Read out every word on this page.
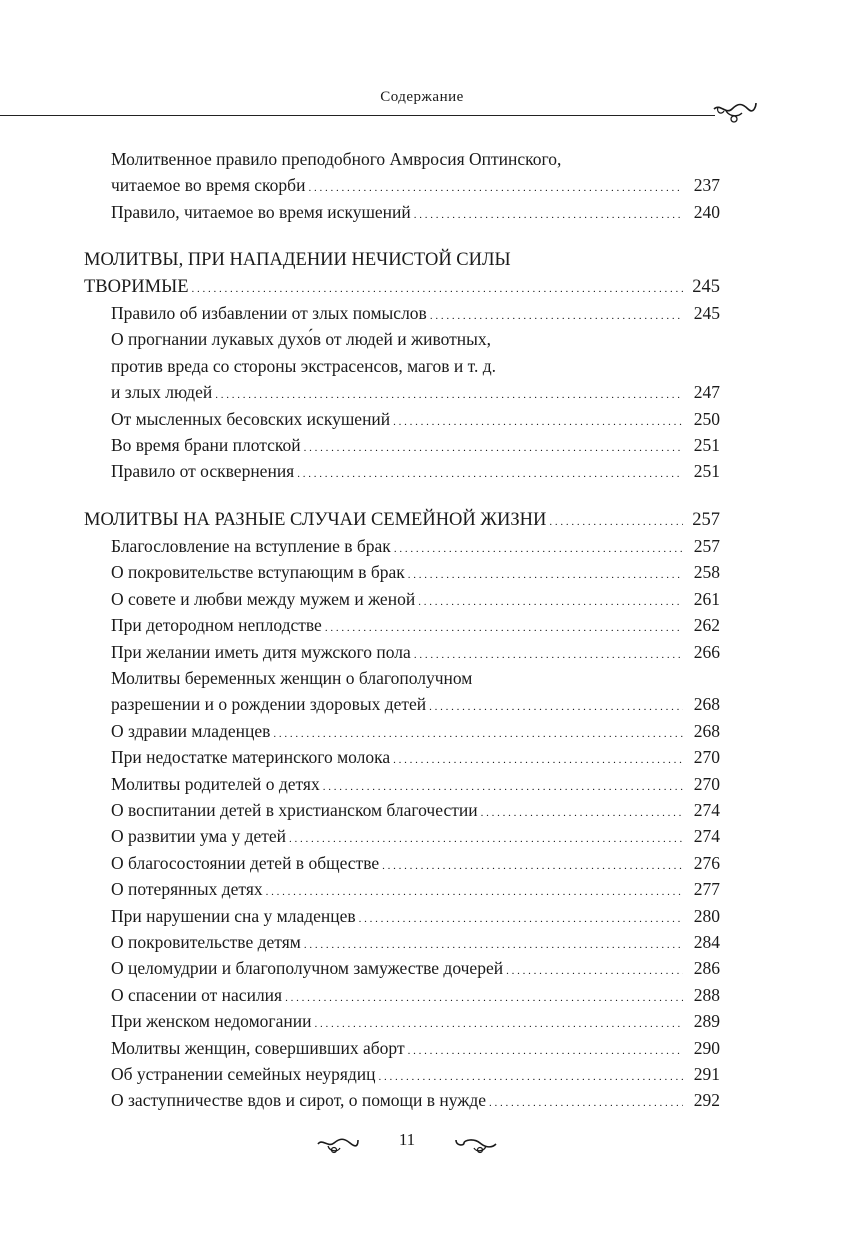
Содержание
Молитвенное правило преподобного Амвросия Оптинского,
читаемое во время скорби . . .	237
Правило, читаемое во время искушений . . .	240
МОЛИТВЫ, ПРИ НАПАДЕНИИ НЕЧИСТОЙ СИЛЫ
ТВОРИМЫЕ . . .	245
Правило об избавлении от злых помыслов . . .	245
О прогнании лукавых духо́в от людей и животных,
против вреда со стороны экстрасенсов, магов и т. д.
и злых людей . . .	247
От мысленных бесовских искушений . . .	250
Во время брани плотской . . .	251
Правило от осквернения . . .	251
МОЛИТВЫ НА РАЗНЫЕ СЛУЧАИ СЕМЕЙНОЙ ЖИЗНИ . . .	257
Благословление на вступление в брак . . .	257
О покровительстве вступающим в брак . . .	258
О совете и любви между мужем и женой . . .	261
При детородном неплодстве . . .	262
При желании иметь дитя мужского пола . . .	266
Молитвы беременных женщин о благополучном
разрешении и о рождении здоровых детей . . .	268
О здравии младенцев . . .	268
При недостатке материнского молока . . .	270
Молитвы родителей о детях . . .	270
О воспитании детей в христианском благочестии . . .	274
О развитии ума у детей . . .	274
О благосостоянии детей в обществе . . .	276
О потерянных детях . . .	277
При нарушении сна у младенцев . . .	280
О покровительстве детям . . .	284
О целомудрии и благополучном замужестве дочерей . . .	286
О спасении от насилия . . .	288
При женском недомогании . . .	289
Молитвы женщин, совершивших аборт . . .	290
Об устранении семейных неурядиц . . .	291
О заступничестве вдов и сирот, о помощи в нужде . . .	292
11
